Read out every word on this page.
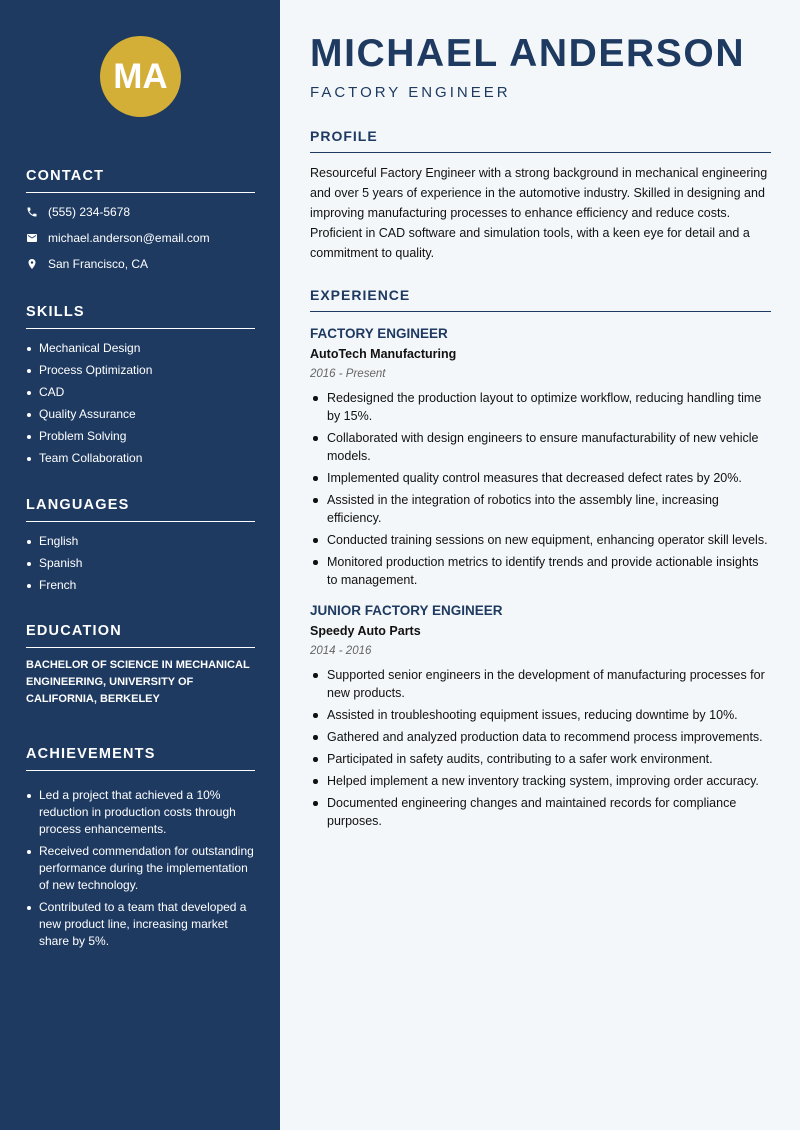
MA
CONTACT
(555) 234-5678
michael.anderson@email.com
San Francisco, CA
SKILLS
Mechanical Design
Process Optimization
CAD
Quality Assurance
Problem Solving
Team Collaboration
LANGUAGES
English
Spanish
French
EDUCATION

BACHELOR OF SCIENCE IN MECHANICAL ENGINEERING, UNIVERSITY OF CALIFORNIA, BERKELEY

ACHIEVEMENTS
Led a project that achieved a 10% reduction in production costs through process enhancements.
Received commendation for outstanding performance during the implementation of new technology.
Contributed to a team that developed a new product line, increasing market share by 5%.
MICHAEL ANDERSON
FACTORY ENGINEER
PROFILE

Resourceful Factory Engineer with a strong background in mechanical engineering and over 5 years of experience in the automotive industry. Skilled in designing and improving manufacturing processes to enhance efficiency and reduce costs. Proficient in CAD software and simulation tools, with a keen eye for detail and a commitment to quality.

EXPERIENCE
FACTORY ENGINEER
AutoTech Manufacturing
2016 - Present
Redesigned the production layout to optimize workflow, reducing handling time by 15%.
Collaborated with design engineers to ensure manufacturability of new vehicle models.
Implemented quality control measures that decreased defect rates by 20%.
Assisted in the integration of robotics into the assembly line, increasing efficiency.
Conducted training sessions on new equipment, enhancing operator skill levels.
Monitored production metrics to identify trends and provide actionable insights to management.
JUNIOR FACTORY ENGINEER
Speedy Auto Parts
2014 - 2016
Supported senior engineers in the development of manufacturing processes for new products.
Assisted in troubleshooting equipment issues, reducing downtime by 10%.
Gathered and analyzed production data to recommend process improvements.
Participated in safety audits, contributing to a safer work environment.
Helped implement a new inventory tracking system, improving order accuracy.
Documented engineering changes and maintained records for compliance purposes.
